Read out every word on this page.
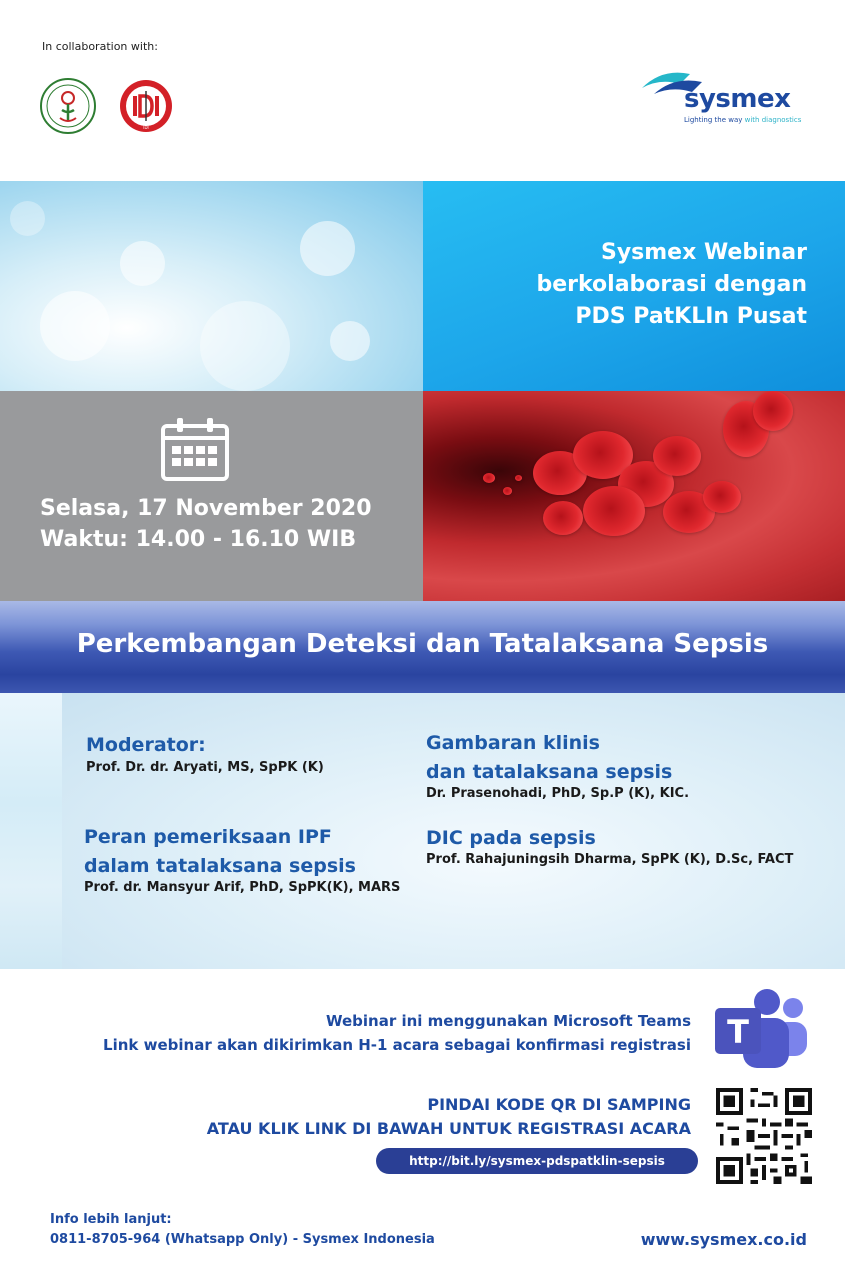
In collaboration with:
IDI
sysmex
Lighting the way with diagnostics
Sysmex Webinar
berkolaborasi dengan
PDS PatKLIn Pusat
Selasa, 17 November 2020
Waktu: 14.00 - 16.10 WIB
Perkembangan Deteksi dan Tatalaksana Sepsis
Moderator:
Prof. Dr. dr. Aryati, MS, SpPK (K)
Peran pemeriksaan IPF
dalam tatalaksana sepsis
Prof. dr. Mansyur Arif, PhD, SpPK(K), MARS
Gambaran klinis
dan tatalaksana sepsis
Dr. Prasenohadi, PhD, Sp.P (K), KIC.
DIC pada sepsis
Prof. Rahajuningsih Dharma, SpPK (K), D.Sc, FACT
Webinar ini menggunakan Microsoft Teams
Link webinar akan dikirimkan H-1 acara sebagai konfirmasi registrasi T
PINDAI KODE QR DI SAMPING
ATAU KLIK LINK DI BAWAH UNTUK REGISTRASI ACARA
http://bit.ly/sysmex-pdspatklin-sepsis
Info lebih lanjut:
0811-8705-964 (Whatsapp Only) - Sysmex Indonesia	www.sysmex.co.id
